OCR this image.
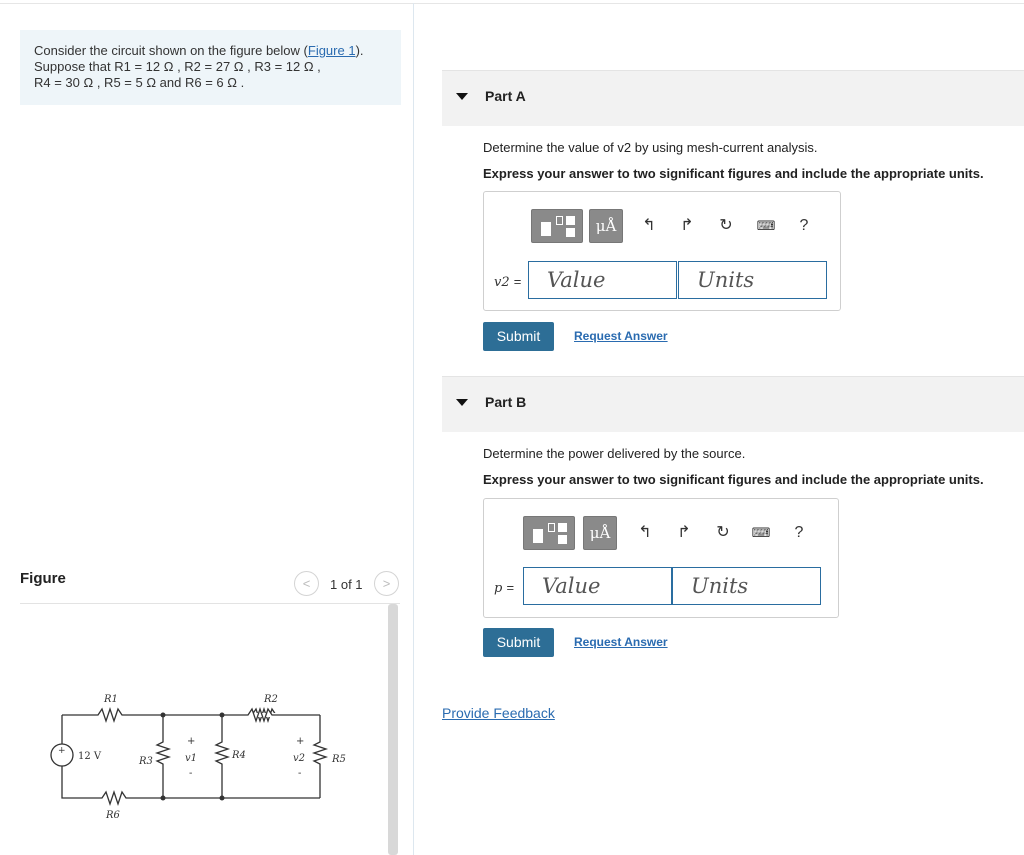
Consider the circuit shown on the figure below (Figure 1).
Suppose that R1 = 12 Ω , R2 = 27 Ω , R3 = 12 Ω ,
R4 = 30 Ω , R5 = 5 Ω and R6 = 6 Ω .
Figure	<	1 of 1	>
+ 12 V
R1	R2
R3
R4	R5
R6
+
v1
-
+
v2
-
Part A
Determine the value of v2 by using mesh-current analysis.
Express your answer to two significant figures and include the appropriate units.
μÅ	↰	↱	↻	⌨	?
v2 =	Value	Units
Submit	Request Answer
Part B
Determine the power delivered by the source.
Express your answer to two significant figures and include the appropriate units.
μÅ	↰	↱	↻	⌨	?
p =	Value	Units
Submit	Request Answer
Provide Feedback
